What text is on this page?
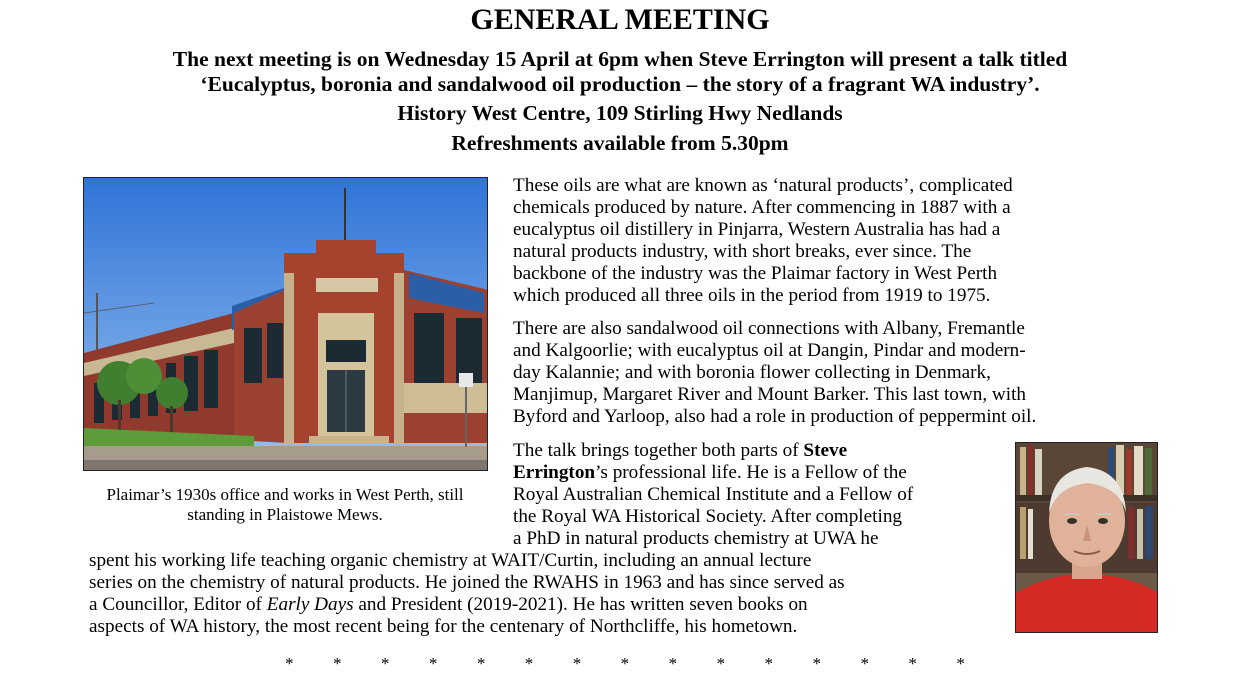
GENERAL MEETING
The next meeting is on Wednesday 15 April at 6pm when Steve Errington will present a talk titled
‘Eucalyptus, boronia and sandalwood oil production – the story of a fragrant WA industry’.
History West Centre, 109 Stirling Hwy Nedlands
Refreshments available from 5.30pm
Plaimar’s 1930s office and works in West Perth, still standing in Plaistowe Mews.
These oils are what are known as ‘natural products’, complicated
chemicals produced by nature. After commencing in 1887 with a
eucalyptus oil distillery in Pinjarra, Western Australia has had a
natural products industry, with short breaks, ever since. The
backbone of the industry was the Plaimar factory in West Perth
which produced all three oils in the period from 1919 to 1975.
There are also sandalwood oil connections with Albany, Fremantle
and Kalgoorlie; with eucalyptus oil at Dangin, Pindar and modern-
day Kalannie; and with boronia flower collecting in Denmark,
Manjimup, Margaret River and Mount Barker. This last town, with
Byford and Yarloop, also had a role in production of peppermint oil.
The talk brings together both parts of Steve
Errington’s professional life. He is a Fellow of the
Royal Australian Chemical Institute and a Fellow of
the Royal WA Historical Society. After completing
a PhD in natural products chemistry at UWA he
spent his working life teaching organic chemistry at WAIT/Curtin, including an annual lecture
series on the chemistry of natural products. He joined the RWAHS in 1963 and has since served as
a Councillor, Editor of Early Days and President (2019-2021). He has written seven books on
aspects of WA history, the most recent being for the centenary of Northcliffe, his hometown.
* * * * * * * * * * * * * * *
